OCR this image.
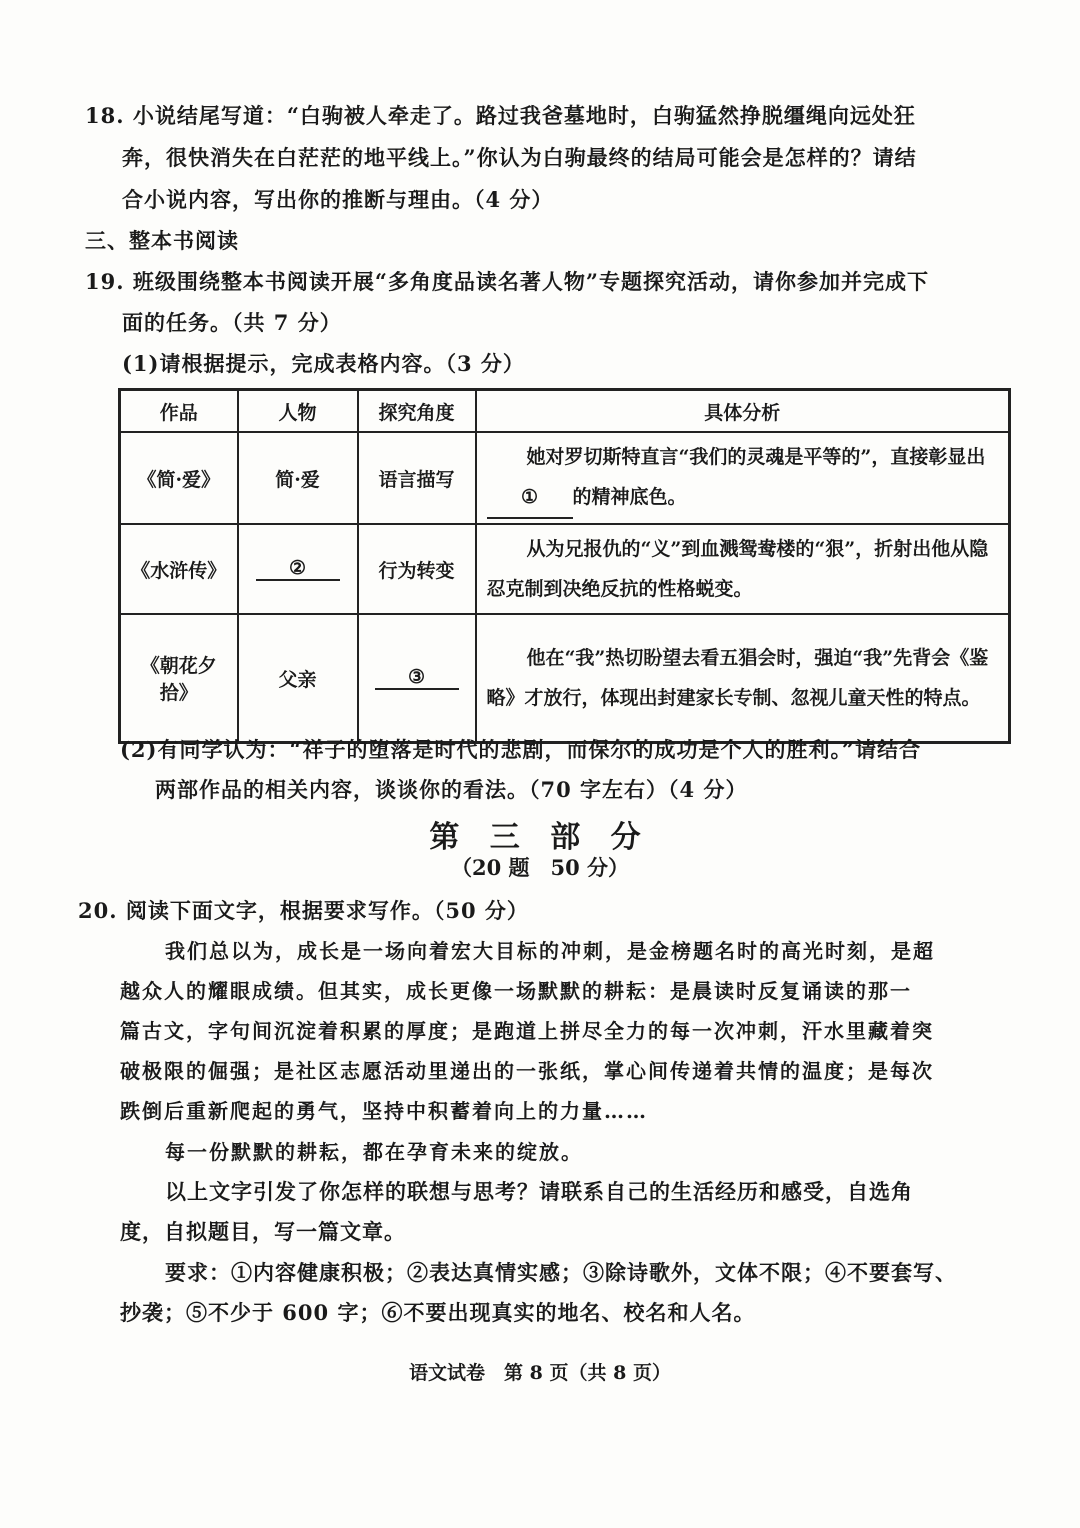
18. 小说结尾写道：“白驹被人牵走了。路过我爸墓地时，白驹猛然挣脱缰绳向远处狂
奔，很快消失在白茫茫的地平线上。”你认为白驹最终的结局可能会是怎样的？请结
合小说内容，写出你的推断与理由。（4 分）
三、整本书阅读
19. 班级围绕整本书阅读开展“多角度品读名著人物”专题探究活动，请你参加并完成下
面的任务。（共 7 分）
(1)请根据提示，完成表格内容。（3 分）
作品	人物	探究角度	具体分析
《简·爱》	简·爱	语言描写	她对罗切斯特直言“我们的灵魂是平等的”，直接彰显出① 的精神底色。
《水浒传》	②	行为转变	从为兄报仇的“义”到血溅鸳鸯楼的“狠”，折射出他从隐忍克制到决绝反抗的性格蜕变。
《朝花夕拾》	父亲	③	他在“我”热切盼望去看五猖会时，强迫“我”先背会《鉴略》才放行，体现出封建家长专制、忽视儿童天性的特点。
(2)有同学认为：“祥子的堕落是时代的悲剧，而保尔的成功是个人的胜利。”请结合
两部作品的相关内容，谈谈你的看法。（70 字左右）（4 分）
第 三 部 分
（20 题　50 分）
20. 阅读下面文字，根据要求写作。（50 分）
我们总以为，成长是一场向着宏大目标的冲刺，是金榜题名时的高光时刻，是超
越众人的耀眼成绩。但其实，成长更像一场默默的耕耘：是晨读时反复诵读的那一
篇古文，字句间沉淀着积累的厚度；是跑道上拼尽全力的每一次冲刺，汗水里藏着突
破极限的倔强；是社区志愿活动里递出的一张纸，掌心间传递着共情的温度；是每次
跌倒后重新爬起的勇气，坚持中积蓄着向上的力量……
每一份默默的耕耘，都在孕育未来的绽放。
以上文字引发了你怎样的联想与思考？请联系自己的生活经历和感受，自选角
度，自拟题目，写一篇文章。
要求：①内容健康积极；②表达真情实感；③除诗歌外，文体不限；④不要套写、
抄袭；⑤不少于 600 字；⑥不要出现真实的地名、校名和人名。
语文试卷　第 8 页（共 8 页）
